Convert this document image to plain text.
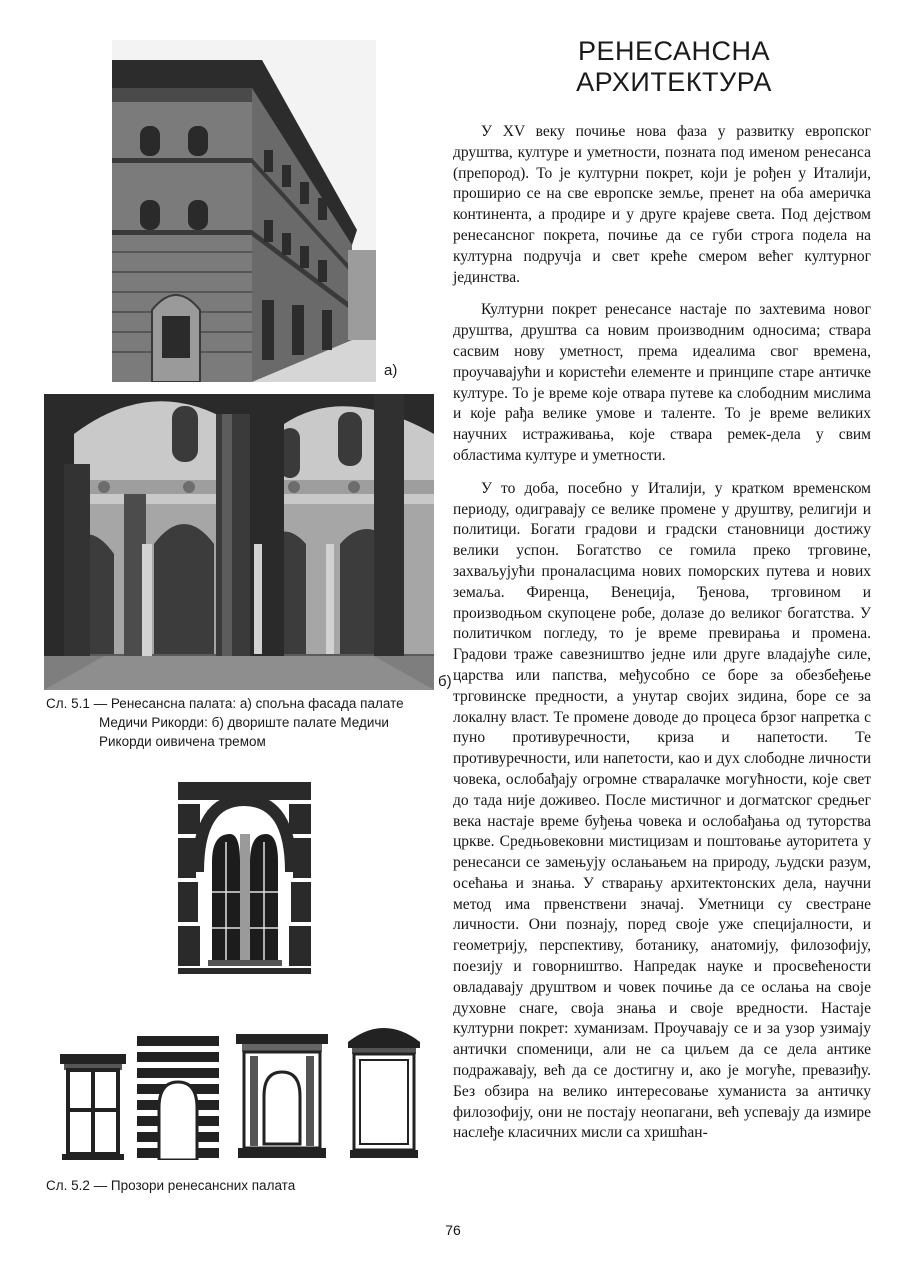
a)
б)
Сл. 5.1 — Ренесансна палата: а) спољна фасада палате
Медичи Рикорди: б) двориште палате Медичи
Рикорди оивичена тремом
Сл. 5.2 — Прозори ренесансних палата
РЕНЕСАНСНА
АРХИТЕКТУРА

У XV веку почиње нова фаза у развитку европског друштва, културе и уметности, позната под именом ренесанса (препород). То је културни покрет, који је рођен у Италији, проширио се на све европске земље, пренет на оба америчка континента, а продире и у друге крајеве света. Под дејством ренесансног покрета, почиње да се губи строга подела на културна подручја и свет креће смером већег културног јединства.

Културни покрет ренесансе настаје по захтевима новог друштва, друштва са новим производним односима; ствара сасвим нову уметност, према идеалима свог времена, проучавајући и користећи елементе и принципе старе античке културе. То је време које отвара путеве ка слободним мислима и које рађа велике умове и таленте. То је време великих научних истраживања, које ствара ремек-дела у свим областима културе и уметности.

У то доба, посебно у Италији, у кратком временском периоду, одигравају се велике промене у друштву, религији и политици. Богати градови и градски становници достижу велики успон. Богатство се гомила преко трговине, захваљујући проналасцима нових поморских путева и нових земаља. Фиренца, Венеција, Ђенова, трговином и производњом скупоцене робе, долазе до великог богатства. У политичком погледу, то је време превирања и промена. Градови траже савезништво једне или друге владајуће силе, царства или папства, међусобно се боре за обезбеђење трговинске предности, а унутар својих зидина, боре се за локалну власт. Те промене доводе до процеса брзог напретка с пуно противуречности, криза и напетости. Те противуречности, или напетости, као и дух слободне личности човека, ослобађају огромне стваралачке могућности, које свет до тада није доживео. После мистичног и догматског средњег века настаје време буђења човека и ослобађања од туторства цркве. Средњовековни мистицизам и поштовање ауторитета у ренесанси се замењују ослањањем на природу, људски разум, осећања и знања. У стварању архитектонских дела, научни метод има првенствени значај. Уметници су свестране личности. Они познају, поред своје уже специјалности, и геометрију, перспективу, ботанику, анатомију, филозофију, поезију и говорништво. Напредак науке и просвећености овладавају друштвом и човек почиње да се ослања на своје духовне снаге, своја знања и своје вредности. Настаје културни покрет: хуманизам. Проучавају се и за узор узимају антички споменици, али не са циљем да се дела антике подражавају, већ да се достигну и, ако је могуће, превазиђу. Без обзира на велико интересовање хуманиста за античку филозофију, они не постају неопагани, већ успевају да измире наслеђе класичних мисли са хришћан-

76
